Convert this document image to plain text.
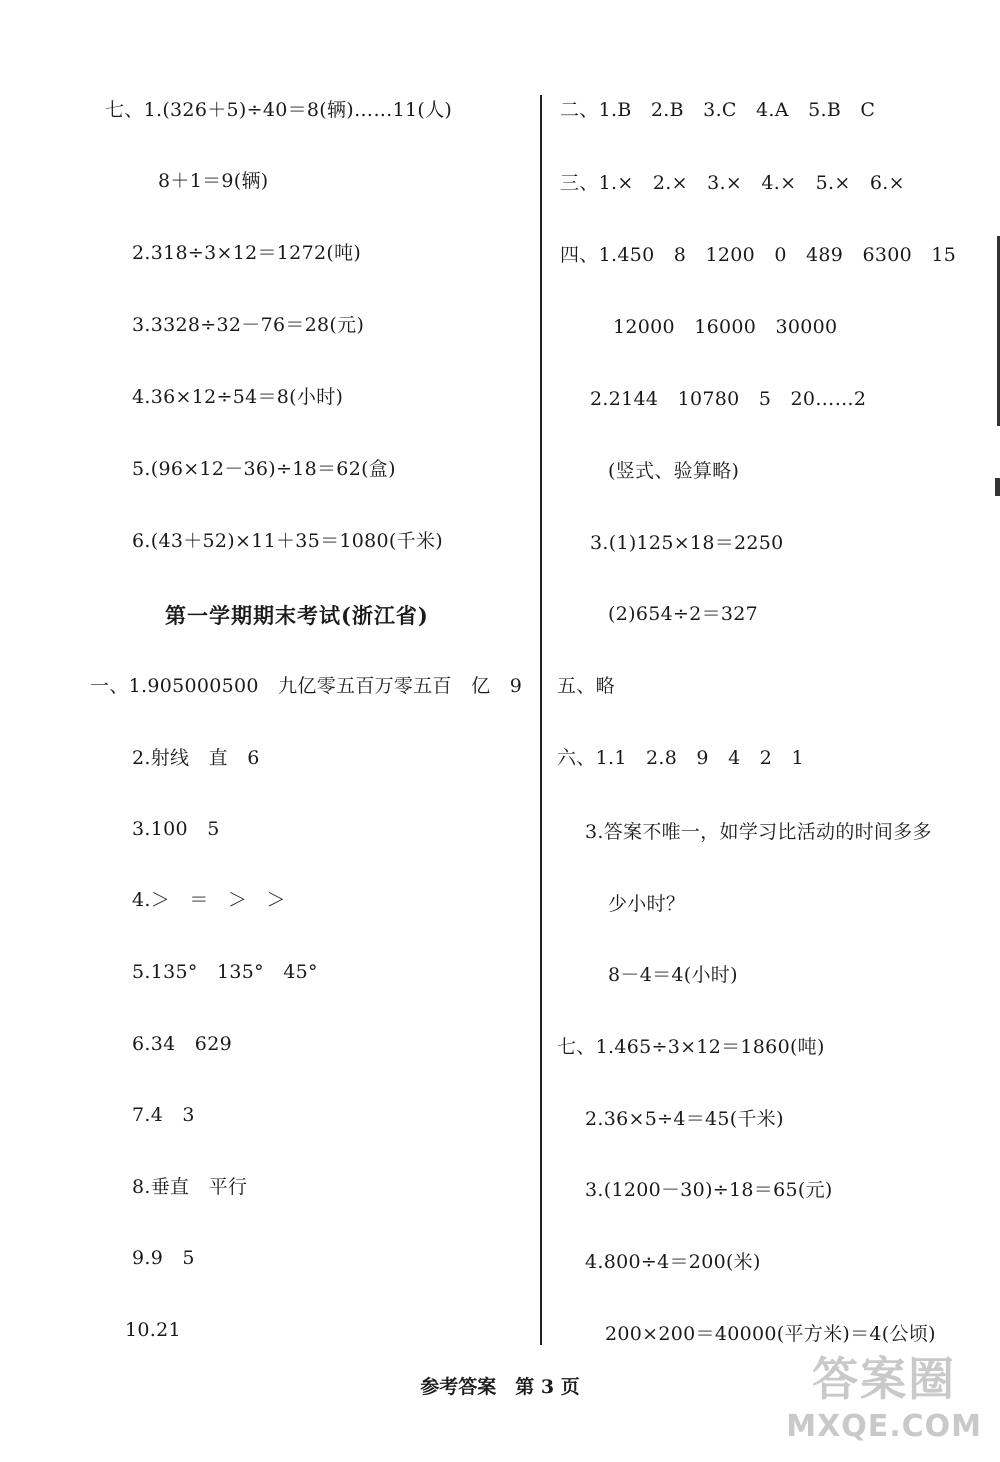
七、1.(326＋5)÷40＝8(辆)……11(人)
8＋1＝9(辆)
2.318÷3×12＝1272(吨)
3.3328÷32－76＝28(元)
4.36×12÷54＝8(小时)
5.(96×12－36)÷18＝62(盒)
6.(43＋52)×11＋35＝1080(千米)
第一学期期末考试(浙江省)
一、1.905000500　九亿零五百万零五百　亿　9
2.射线　直　6
3.100　5
4.＞　＝　＞　＞
5.135°　135°　45°
6.34　629
7.4　3
8.垂直　平行
9.9　5
10.21
二、1.B　2.B　3.C　4.A　5.B　C
三、1.×　2.×　3.×　4.×　5.×　6.×
四、1.450　8　1200　0　489　6300　15
12000　16000　30000
2.2144　10780　5　20……2
(竖式、验算略)
3.(1)125×18＝2250
(2)654÷2＝327
五、略
六、1.1　2.8　9　4　2　1
3.答案不唯一，如学习比活动的时间多多
少小时？
8－4＝4(小时)
七、1.465÷3×12＝1860(吨)
2.36×5÷4＝45(千米)
3.(1200－30)÷18＝65(元)
4.800÷4＝200(米)
200×200＝40000(平方米)＝4(公顷)
参考答案　第 3 页	答案圈
MXQE.COM
